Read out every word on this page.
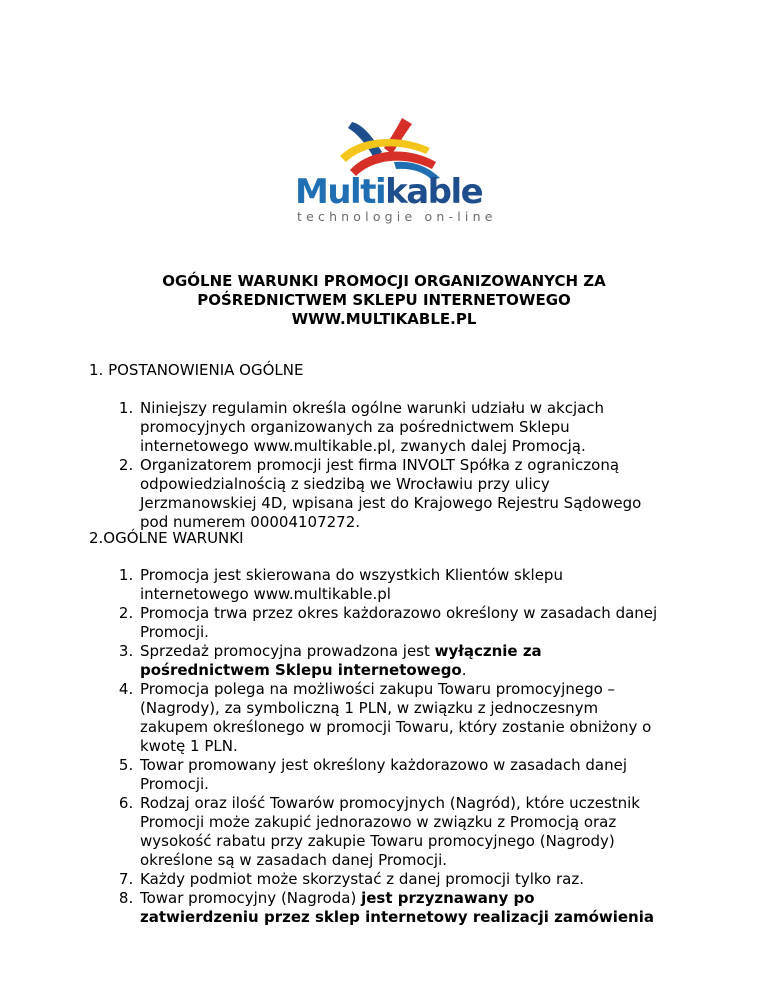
Multikable
technologie on-line
OGÓLNE WARUNKI PROMOCJI ORGANIZOWANYCH ZA
POŚREDNICTWEM SKLEPU INTERNETOWEGO
WWW.MULTIKABLE.PL
1. POSTANOWIENIA OGÓLNE
1. Niniejszy regulamin określa ogólne warunki udziału w akcjach
promocyjnych organizowanych za pośrednictwem Sklepu
internetowego www.multikable.pl, zwanych dalej Promocją.
2. Organizatorem promocji jest firma INVOLT Spółka z ograniczoną
odpowiedzialnością z siedzibą we Wrocławiu przy ulicy
Jerzmanowskiej 4D, wpisana jest do Krajowego Rejestru Sądowego
pod numerem 00004107272.
2.OGÓLNE WARUNKI
1. Promocja jest skierowana do wszystkich Klientów sklepu
internetowego www.multikable.pl
2. Promocja trwa przez okres każdorazowo określony w zasadach danej
Promocji.
3. Sprzedaż promocyjna prowadzona jest wyłącznie za
pośrednictwem Sklepu internetowego.
4. Promocja polega na możliwości zakupu Towaru promocyjnego –
(Nagrody), za symboliczną 1 PLN, w związku z jednoczesnym
zakupem określonego w promocji Towaru, który zostanie obniżony o
kwotę 1 PLN.
5. Towar promowany jest określony każdorazowo w zasadach danej
Promocji.
6. Rodzaj oraz ilość Towarów promocyjnych (Nagród), które uczestnik
Promocji może zakupić jednorazowo w związku z Promocją oraz
wysokość rabatu przy zakupie Towaru promocyjnego (Nagrody)
określone są w zasadach danej Promocji.
7. Każdy podmiot może skorzystać z danej promocji tylko raz.
8. Towar promocyjny (Nagroda) jest przyznawany po
zatwierdzeniu przez sklep internetowy realizacji zamówienia
